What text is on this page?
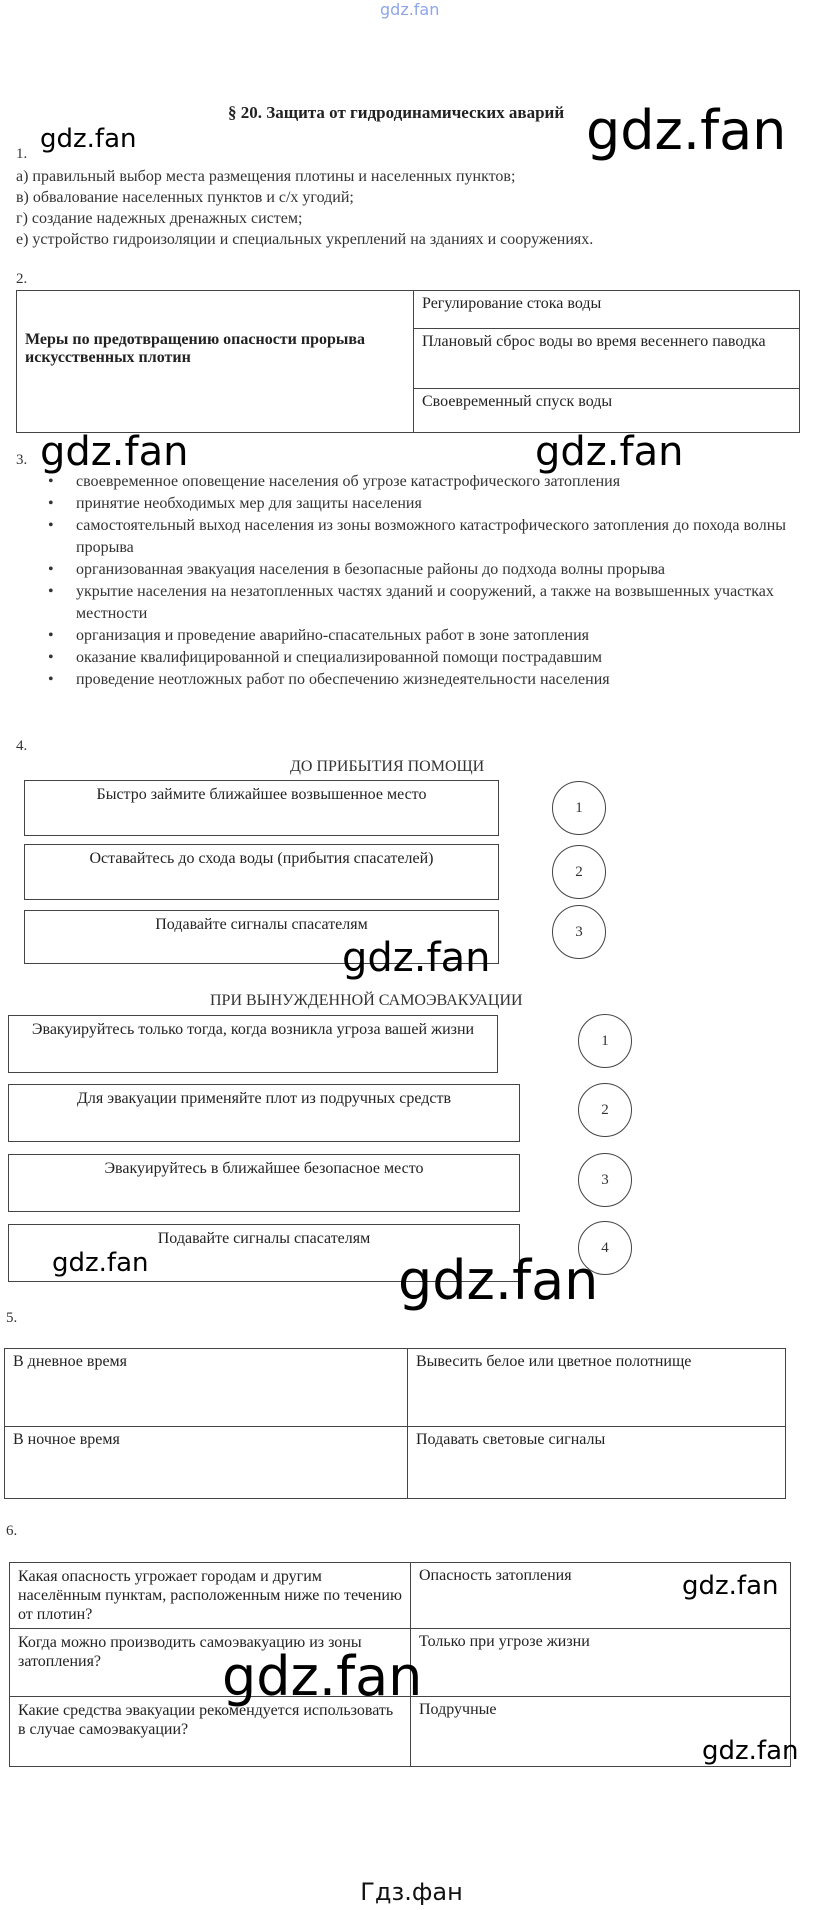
gdz.fan
§ 20. Защита от гидродинамических аварий
1.
а) правильный выбор места размещения плотины и населенных пунктов;
в) обвалование населенных пунктов и с/х угодий;
г) создание надежных дренажных систем;
е) устройство гидроизоляции и специальных укреплений на зданиях и сооружениях.
2.
Меры по предотвращению опасности прорыва искусственных плотин	Регулирование стока воды
Плановый сброс воды во время весеннего паводка
Своевременный спуск воды
3.
• своевременное оповещение населения об угрозе катастрофического затопления
• принятие необходимых мер для защиты населения
• самостоятельный выход населения из зоны возможного катастрофического затопления до похода волны прорыва
• организованная эвакуация населения в безопасные районы до подхода волны прорыва
• укрытие населения на незатопленных частях зданий и сооружений, а также на возвышенных участках местности
• организация и проведение аварийно-спасательных работ в зоне затопления
• оказание квалифицированной и специализированной помощи пострадавшим
• проведение неотложных работ по обеспечению жизнедеятельности населения
4.
ДО ПРИБЫТИЯ ПОМОЩИ
Быстро займите ближайшее возвышенное место
1
Оставайтесь до схода воды (прибытия спасателей)
2
Подавайте сигналы спасателям	3
ПРИ ВЫНУЖДЕННОЙ САМОЭВАКУАЦИИ
Эвакуируйтесь только тогда, когда возникла угроза вашей жизни
1
Для эвакуации применяйте плот из подручных средств
2
Эвакуируйтесь в ближайшее безопасное место
3
Подавайте сигналы спасателям
4
5.
В дневное время	Вывесить белое или цветное полотнище
В ночное время	Подавать световые сигналы
6.
Какая опасность угрожает городам и другим населённым пунктам, расположенным ниже по течению от плотин?	Опасность затопления
Когда можно производить самоэвакуацию из зоны затопления?	Только при угрозе жизни
Какие средства эвакуации рекомендуется использовать в случае самоэвакуации?	Подручные
gdz.fan	gdz.fan
gdz.fan	gdz.fan
gdz.fan
gdz.fan	gdz.fan
gdz.fan
gdz.fan
gdz.fan
Гдз.фан
